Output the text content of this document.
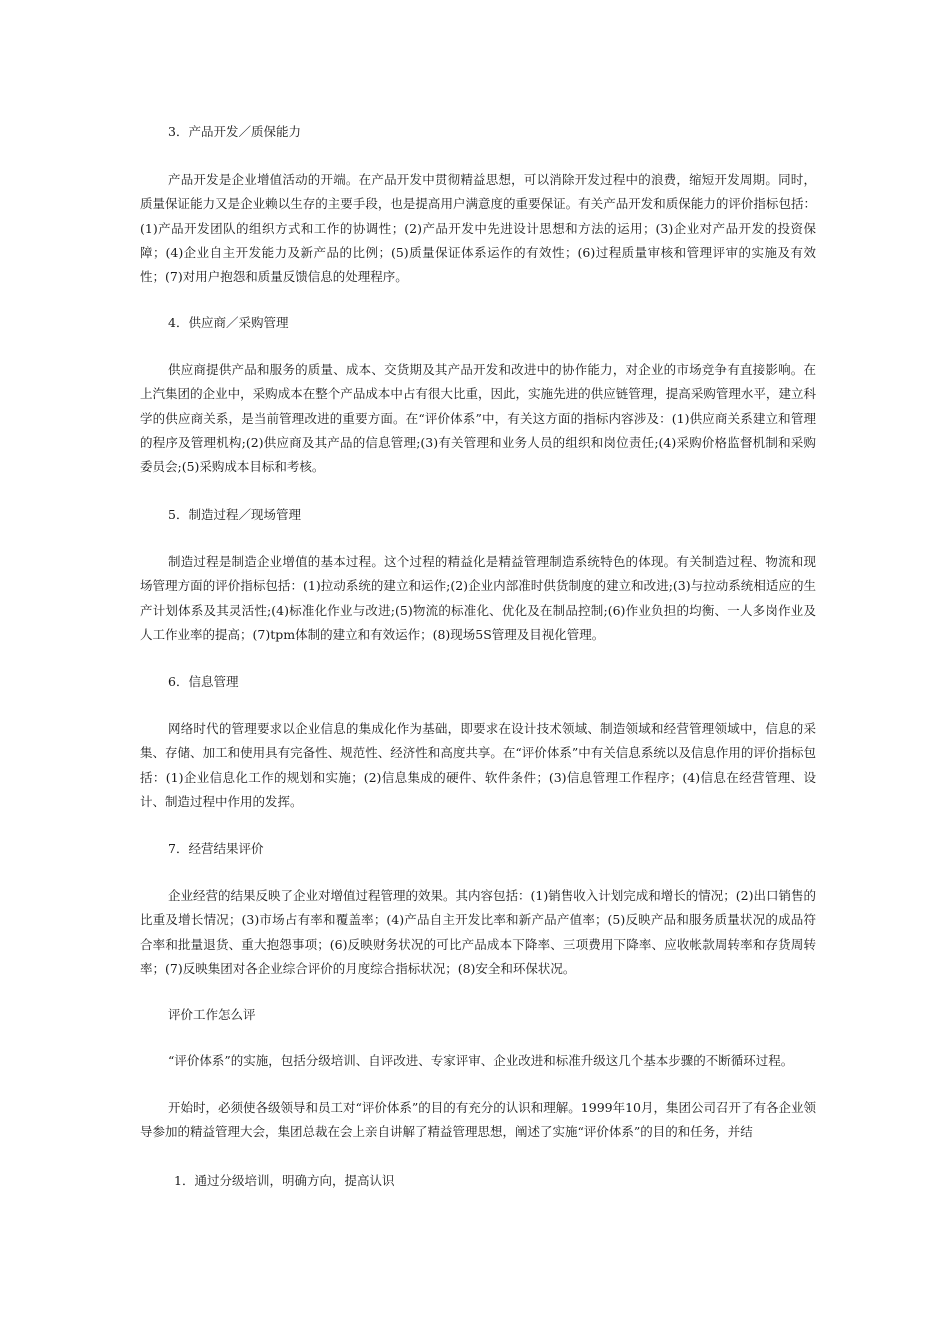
3．产品开发／质保能力

产品开发是企业增值活动的开端。在产品开发中贯彻精益思想，可以消除开发过程中的浪费，缩短开发周期。同时，质量保证能力又是企业赖以生存的主要手段，也是提高用户满意度的重要保证。有关产品开发和质保能力的评价指标包括：(1)产品开发团队的组织方式和工作的协调性；(2)产品开发中先进设计思想和方法的运用；(3)企业对产品开发的投资保障；(4)企业自主开发能力及新产品的比例；(5)质量保证体系运作的有效性；(6)过程质量审核和管理评审的实施及有效性；(7)对用户抱怨和质量反馈信息的处理程序。

4．供应商／采购管理

供应商提供产品和服务的质量、成本、交货期及其产品开发和改进中的协作能力，对企业的市场竞争有直接影响。在上汽集团的企业中，采购成本在整个产品成本中占有很大比重，因此，实施先进的供应链管理，提高采购管理水平，建立科学的供应商关系，是当前管理改进的重要方面。在“评价体系”中，有关这方面的指标内容涉及：(1)供应商关系建立和管理的程序及管理机构;(2)供应商及其产品的信息管理;(3)有关管理和业务人员的组织和岗位责任;(4)采购价格监督机制和采购委员会;(5)采购成本目标和考核。

5．制造过程／现场管理

制造过程是制造企业增值的基本过程。这个过程的精益化是精益管理制造系统特色的体现。有关制造过程、物流和现场管理方面的评价指标包括：(1)拉动系统的建立和运作;(2)企业内部准时供货制度的建立和改进;(3)与拉动系统相适应的生产计划体系及其灵活性;(4)标准化作业与改进;(5)物流的标准化、优化及在制品控制;(6)作业负担的均衡、一人多岗作业及人工作业率的提高；(7)tpm体制的建立和有效运作；(8)现场5S管理及目视化管理。

6．信息管理

网络时代的管理要求以企业信息的集成化作为基础，即要求在设计技术领域、制造领域和经营管理领域中，信息的采集、存储、加工和使用具有完备性、规范性、经济性和高度共享。在“评价体系”中有关信息系统以及信息作用的评价指标包括：(1)企业信息化工作的规划和实施；(2)信息集成的硬件、软件条件；(3)信息管理工作程序；(4)信息在经营管理、设计、制造过程中作用的发挥。

7．经营结果评价

企业经营的结果反映了企业对增值过程管理的效果。其内容包括：(1)销售收入计划完成和增长的情况；(2)出口销售的比重及增长情况；(3)市场占有率和覆盖率；(4)产品自主开发比率和新产品产值率；(5)反映产品和服务质量状况的成品符合率和批量退货、重大抱怨事项；(6)反映财务状况的可比产品成本下降率、三项费用下降率、应收帐款周转率和存货周转率；(7)反映集团对各企业综合评价的月度综合指标状况；(8)安全和环保状况。

评价工作怎么评

“评价体系”的实施，包括分级培训、自评改进、专家评审、企业改进和标准升级这几个基本步骤的不断循环过程。

开始时，必须使各级领导和员工对“评价体系”的目的有充分的认识和理解。1999年10月，集团公司召开了有各企业领导参加的精益管理大会，集团总裁在会上亲自讲解了精益管理思想，阐述了实施“评价体系”的目的和任务，并结

1．通过分级培训，明确方向，提高认识
